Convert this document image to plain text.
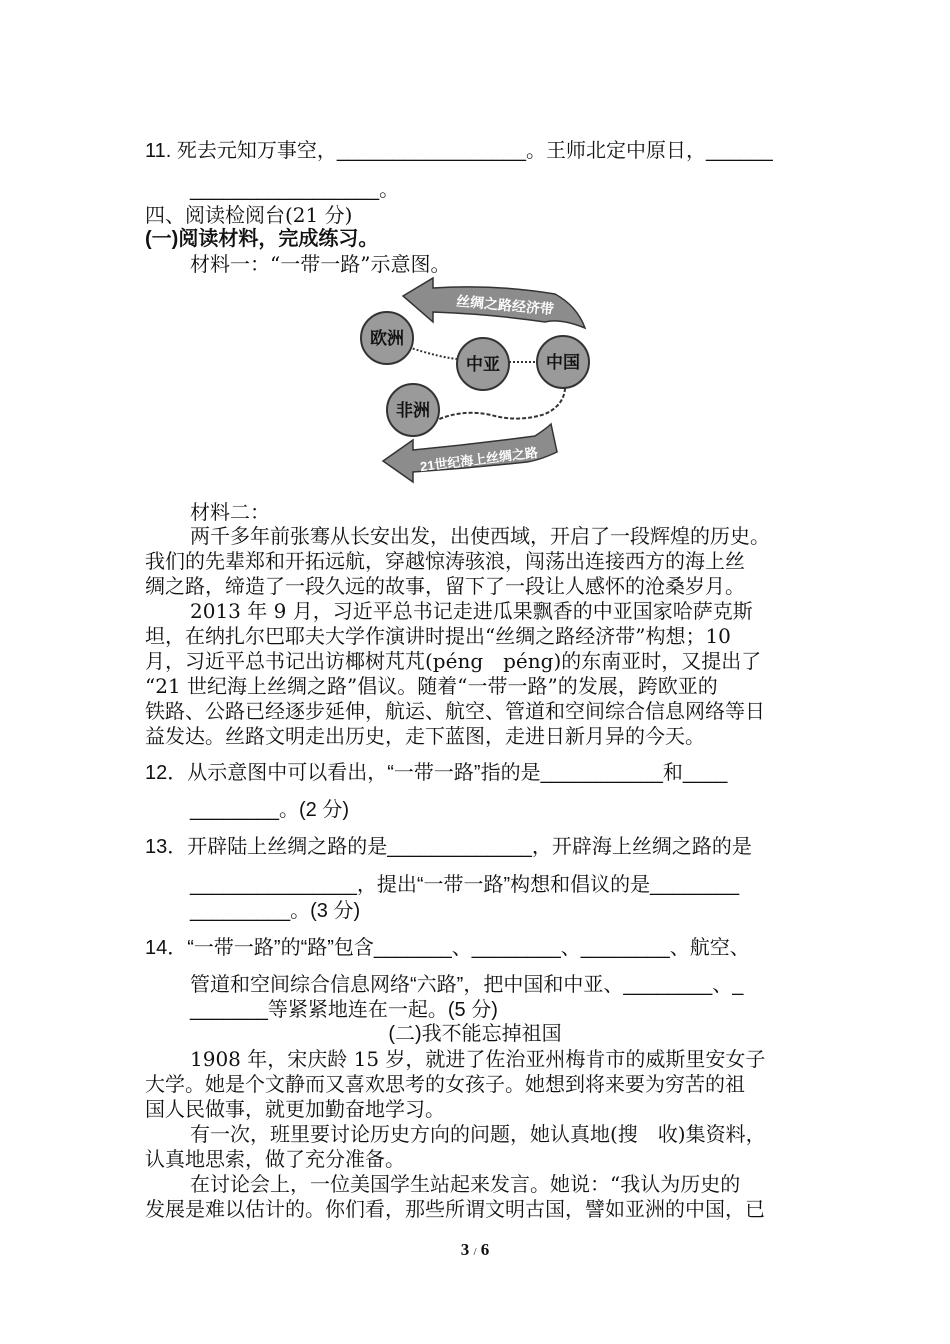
11. 死去元知万事空，_________________。王师北定中原日，______
_________________。
四、阅读检阅台(21 分)
(一)阅读材料，完成练习。
材料一：“一带一路”示意图。
丝绸之路经济带
21世纪海上丝绸之路
欧洲
中亚	中国
非洲
材料二：
两千多年前张骞从长安出发，出使西域，开启了一段辉煌的历史。
我们的先辈郑和开拓远航，穿越惊涛骇浪，闯荡出连接西方的海上丝
绸之路，缔造了一段久远的故事，留下了一段让人感怀的沧桑岁月。
2013 年 9 月，习近平总书记走进瓜果飘香的中亚国家哈萨克斯
坦，在纳扎尔巴耶夫大学作演讲时提出“丝绸之路经济带”构想；10
月，习近平总书记出访椰树芃芃(péng　péng)的东南亚时，又提出了
“21 世纪海上丝绸之路”倡议。随着“一带一路”的发展，跨欧亚的
铁路、公路已经逐步延伸，航运、航空、管道和空间综合信息网络等日
益发达。丝路文明走出历史，走下蓝图，走进日新月异的今天。
12．从示意图中可以看出，“一带一路”指的是___________和____
________。(2 分)
13．开辟陆上丝绸之路的是_____________，开辟海上丝绸之路的是
_______________，提出“一带一路”构想和倡议的是________
_________。(3 分)
14．“一带一路”的“路”包含_______、________、________、航空、
管道和空间综合信息网络“六路”，把中国和中亚、________、_
_______等紧紧地连在一起。(5 分)
(二)我不能忘掉祖国
1908 年，宋庆龄 15 岁，就进了佐治亚州梅肯市的威斯里安女子
大学。她是个文静而又喜欢思考的女孩子。她想到将来要为穷苦的祖
国人民做事，就更加勤奋地学习。
有一次，班里要讨论历史方向的问题，她认真地(搜　收)集资料，
认真地思索，做了充分准备。
在讨论会上，一位美国学生站起来发言。她说：“我认为历史的
发展是难以估计的。你们看，那些所谓文明古国，譬如亚洲的中国，已
3 / 6
